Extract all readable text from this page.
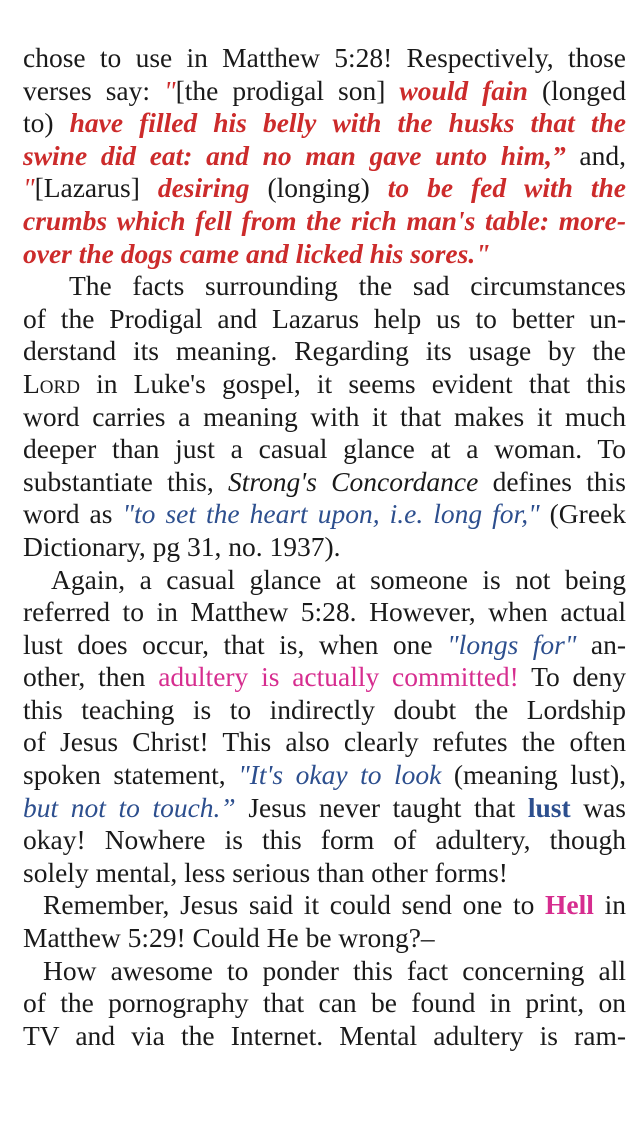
chose to use in Matthew 5:28! Respectively, those
verses say: "[the prodigal son] would fain (longed
to) have filled his belly with the husks that the
swine did eat: and no man gave unto him,” and,
"[Lazarus] desiring (longing) to be fed with the
crumbs which fell from the rich man's table: more-
over the dogs came and licked his sores."
The facts surrounding the sad circumstances
of the Prodigal and Lazarus help us to better un-
derstand its meaning. Regarding its usage by the
Lord in Luke's gospel, it seems evident that this
word carries a meaning with it that makes it much
deeper than just a casual glance at a woman. To
substantiate this, Strong's Concordance defines this
word as "to set the heart upon, i.e. long for," (Greek
Dictionary, pg 31, no. 1937).
Again, a casual glance at someone is not being
referred to in Matthew 5:28. However, when actual
lust does occur, that is, when one "longs for" an-
other, then adultery is actually committed! To deny
this teaching is to indirectly doubt the Lordship
of Jesus Christ! This also clearly refutes the often
spoken statement, "It's okay to look (meaning lust),
but not to touch.” Jesus never taught that lust was
okay! Nowhere is this form of adultery, though
solely mental, less serious than other forms!
Remember, Jesus said it could send one to Hell in
Matthew 5:29! Could He be wrong?–
How awesome to ponder this fact concerning all
of the pornography that can be found in print, on
TV and via the Internet. Mental adultery is ram-
